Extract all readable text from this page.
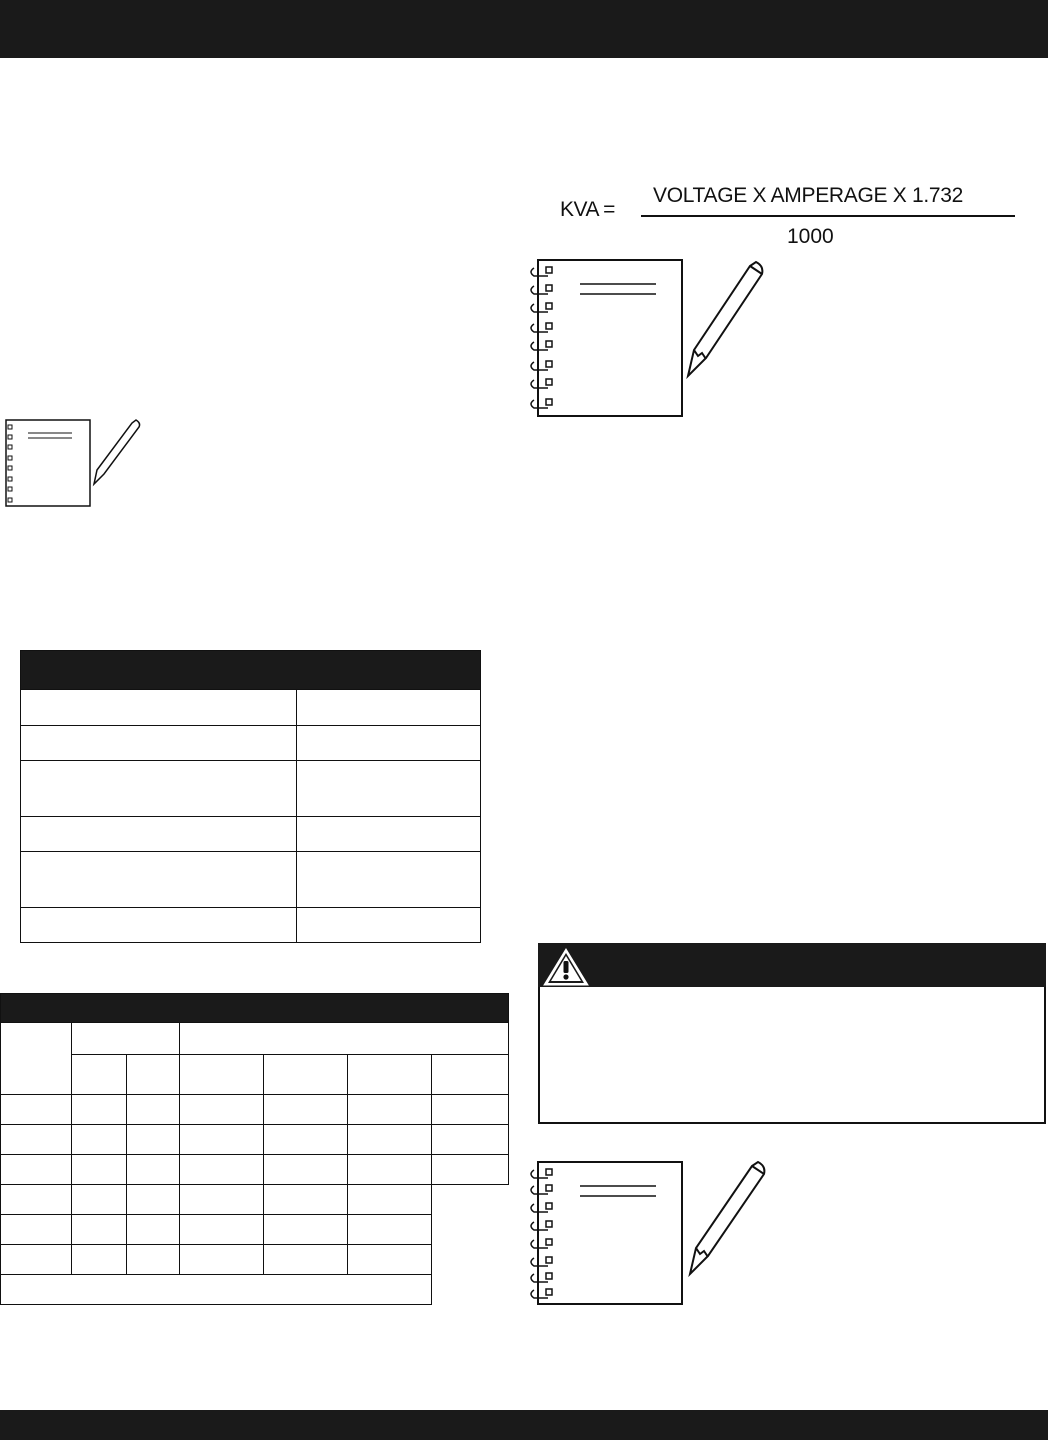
KVA =
VOLTAGE X AMPERAGE X 1.732
1000
